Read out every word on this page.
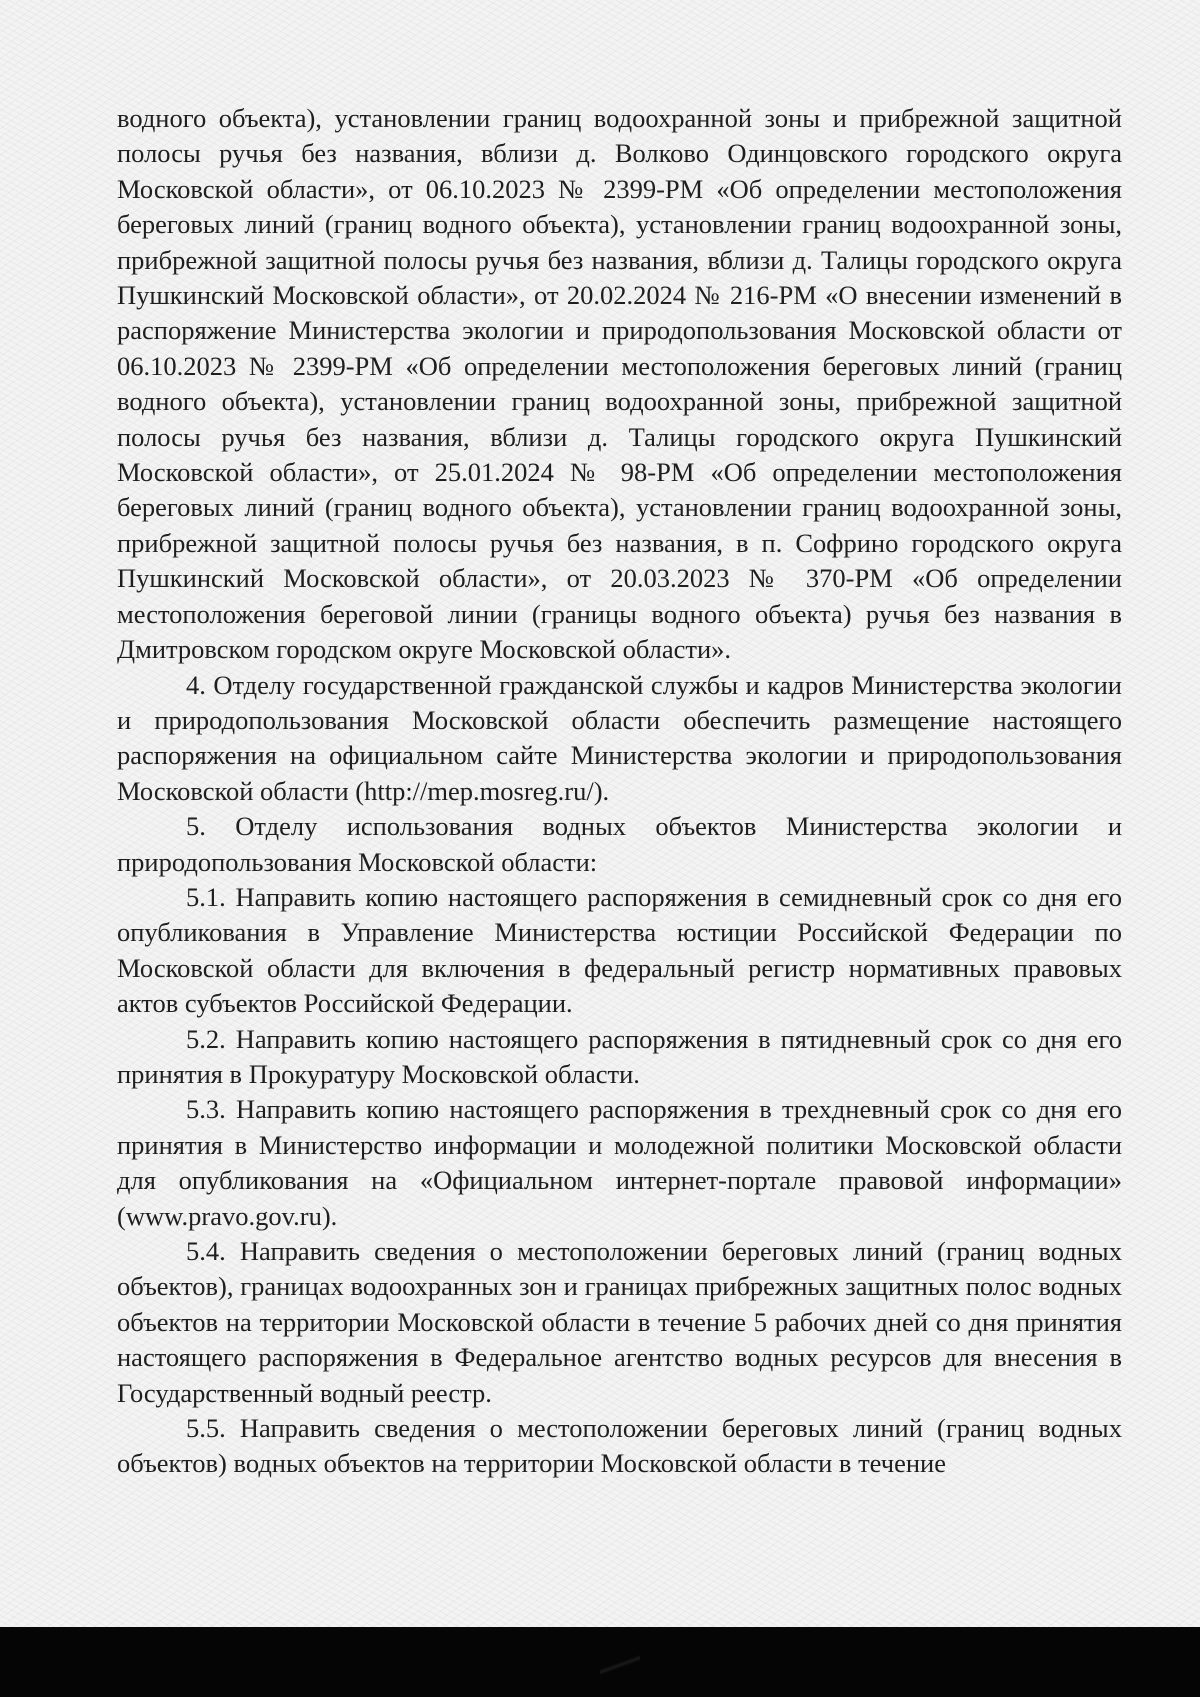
водного объекта), установлении границ водоохранной зоны и прибрежной защитной полосы ручья без названия, вблизи д. Волково Одинцовского городского округа Московской области», от 06.10.2023 № 2399-РМ «Об определении местоположения береговых линий (границ водного объекта), установлении границ водоохранной зоны, прибрежной защитной полосы ручья без названия, вблизи д. Талицы городского округа Пушкинский Московской области», от 20.02.2024 № 216-РМ «О внесении изменений в распоряжение Министерства экологии и природопользования Московской области от 06.10.2023 № 2399-РМ «Об определении местоположения береговых линий (границ водного объекта), установлении границ водоохранной зоны, прибрежной защитной полосы ручья без названия, вблизи д. Талицы городского округа Пушкинский Московской области», от 25.01.2024 № 98-РМ «Об определении местоположения береговых линий (границ водного объекта), установлении границ водоохранной зоны, прибрежной защитной полосы ручья без названия, в п. Софрино городского округа Пушкинский Московской области», от 20.03.2023 № 370-РМ «Об определении местоположения береговой линии (границы водного объекта) ручья без названия в Дмитровском городском округе Московской области».

4. Отделу государственной гражданской службы и кадров Министерства экологии и природопользования Московской области обеспечить размещение настоящего распоряжения на официальном сайте Министерства экологии и природопользования Московской области (http://mep.mosreg.ru/).

5. Отделу использования водных объектов Министерства экологии и природопользования Московской области:

5.1. Направить копию настоящего распоряжения в семидневный срок со дня его опубликования в Управление Министерства юстиции Российской Федерации по Московской области для включения в федеральный регистр нормативных правовых актов субъектов Российской Федерации.

5.2. Направить копию настоящего распоряжения в пятидневный срок со дня его принятия в Прокуратуру Московской области.

5.3. Направить копию настоящего распоряжения в трехдневный срок со дня его принятия в Министерство информации и молодежной политики Московской области для опубликования на «Официальном интернет-портале правовой информации» (www.pravo.gov.ru).

5.4. Направить сведения о местоположении береговых линий (границ водных объектов), границах водоохранных зон и границах прибрежных защитных полос водных объектов на территории Московской области в течение 5 рабочих дней со дня принятия настоящего распоряжения в Федеральное агентство водных ресурсов для внесения в Государственный водный реестр.

5.5. Направить сведения о местоположении береговых линий (границ водных объектов) водных объектов на территории Московской области в течение
